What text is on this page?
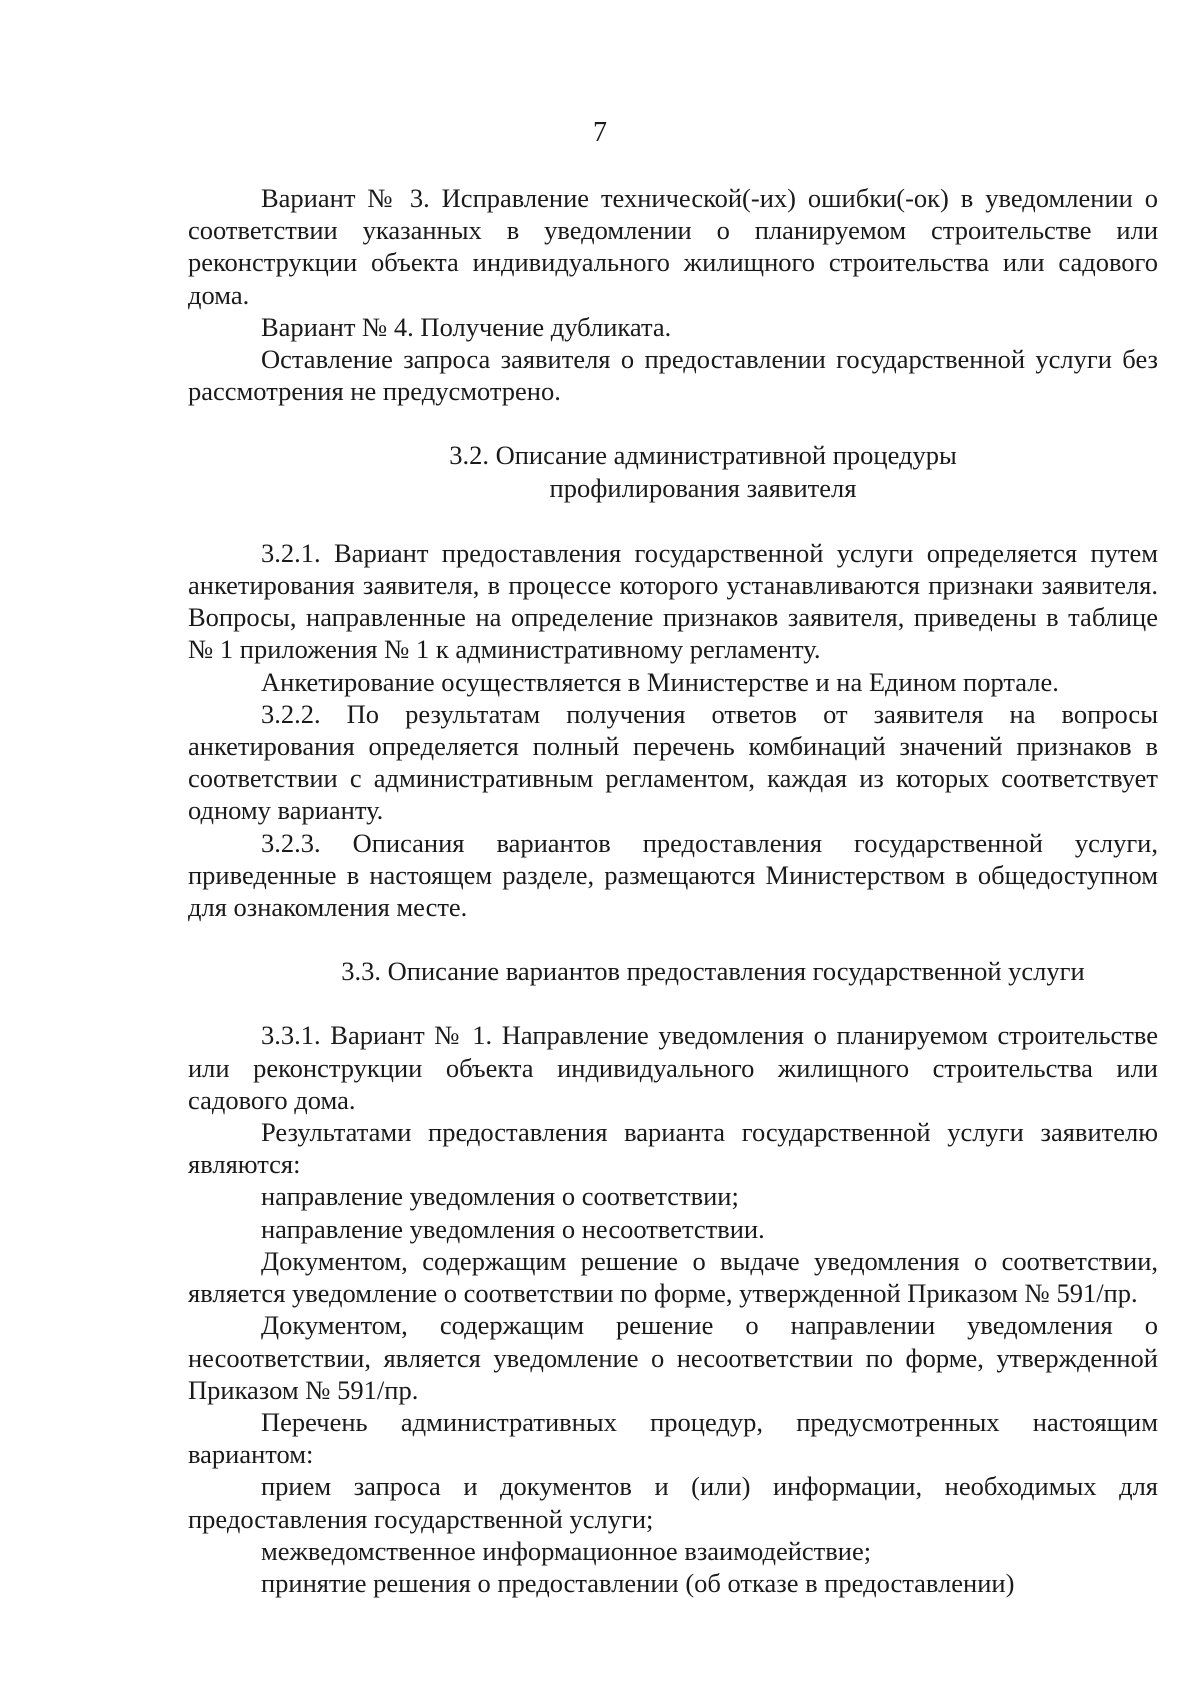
7

Вариант № 3. Исправление технической(-их) ошибки(-ок) в уведомлении о соответствии указанных в уведомлении о планируемом строительстве или реконструкции объекта индивидуального жилищного строительства или садового дома.

Вариант № 4. Получение дубликата.

Оставление запроса заявителя о предоставлении государственной услуги без рассмотрения не предусмотрено.

3.2. Описание административной процедуры
профилирования заявителя

3.2.1. Вариант предоставления государственной услуги определяется путем анкетирования заявителя, в процессе которого устанавливаются признаки заявителя. Вопросы, направленные на определение признаков заявителя, приведены в таблице № 1 приложения № 1 к административному регламенту.

Анкетирование осуществляется в Министерстве и на Едином портале.

3.2.2. По результатам получения ответов от заявителя на вопросы анкетирования определяется полный перечень комбинаций значений признаков в соответствии с административным регламентом, каждая из которых соответствует одному варианту.

3.2.3. Описания вариантов предоставления государственной услуги, приведенные в настоящем разделе, размещаются Министерством в общедоступном для ознакомления месте.

3.3. Описание вариантов предоставления государственной услуги

3.3.1. Вариант № 1. Направление уведомления о планируемом строительстве или реконструкции объекта индивидуального жилищного строительства или садового дома.

Результатами предоставления варианта государственной услуги заявителю являются:

направление уведомления о соответствии;

направление уведомления о несоответствии.

Документом, содержащим решение о выдаче уведомления о соответствии, является уведомление о соответствии по форме, утвержденной Приказом № 591/пр.

Документом, содержащим решение о направлении уведомления о несоответствии, является уведомление о несоответствии по форме, утвержденной Приказом № 591/пр.

Перечень административных процедур, предусмотренных настоящим вариантом:

прием запроса и документов и (или) информации, необходимых для предоставления государственной услуги;

межведомственное информационное взаимодействие;

принятие решения о предоставлении (об отказе в предоставлении)
